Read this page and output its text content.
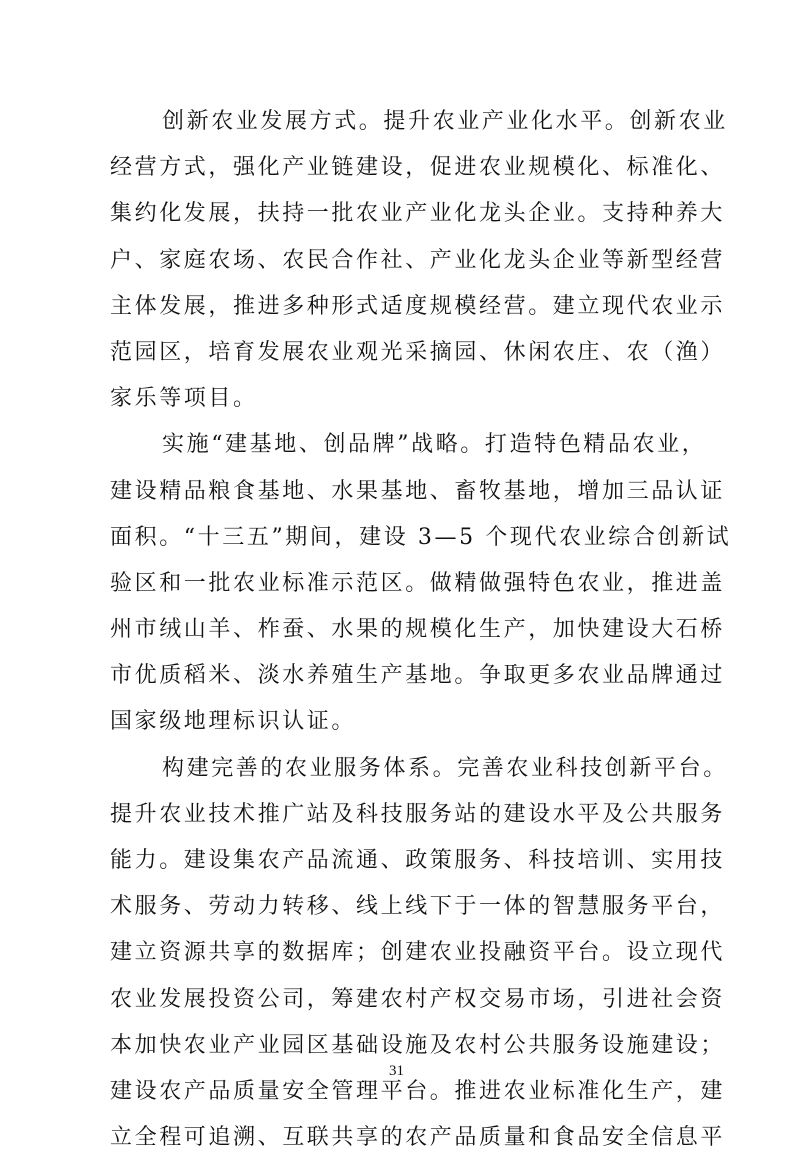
创新农业发展方式。提升农业产业化水平。创新农业
经营方式，强化产业链建设，促进农业规模化、标准化、
集约化发展，扶持一批农业产业化龙头企业。支持种养大
户、家庭农场、农民合作社、产业化龙头企业等新型经营
主体发展，推进多种形式适度规模经营。建立现代农业示
范园区，培育发展农业观光采摘园、休闲农庄、农（渔）
家乐等项目。
实施“建基地、创品牌”战略。打造特色精品农业，
建设精品粮食基地、水果基地、畜牧基地，增加三品认证
面积。“十三五”期间，建设 3—5 个现代农业综合创新试
验区和一批农业标准示范区。做精做强特色农业，推进盖
州市绒山羊、柞蚕、水果的规模化生产，加快建设大石桥
市优质稻米、淡水养殖生产基地。争取更多农业品牌通过
国家级地理标识认证。
构建完善的农业服务体系。完善农业科技创新平台。
提升农业技术推广站及科技服务站的建设水平及公共服务
能力。建设集农产品流通、政策服务、科技培训、实用技
术服务、劳动力转移、线上线下于一体的智慧服务平台，
建立资源共享的数据库；创建农业投融资平台。设立现代
农业发展投资公司，筹建农村产权交易市场，引进社会资
本加快农业产业园区基础设施及农村公共服务设施建设；
建设农产品质量安全管理平台。推进农业标准化生产，建
立全程可追溯、互联共享的农产品质量和食品安全信息平
31
